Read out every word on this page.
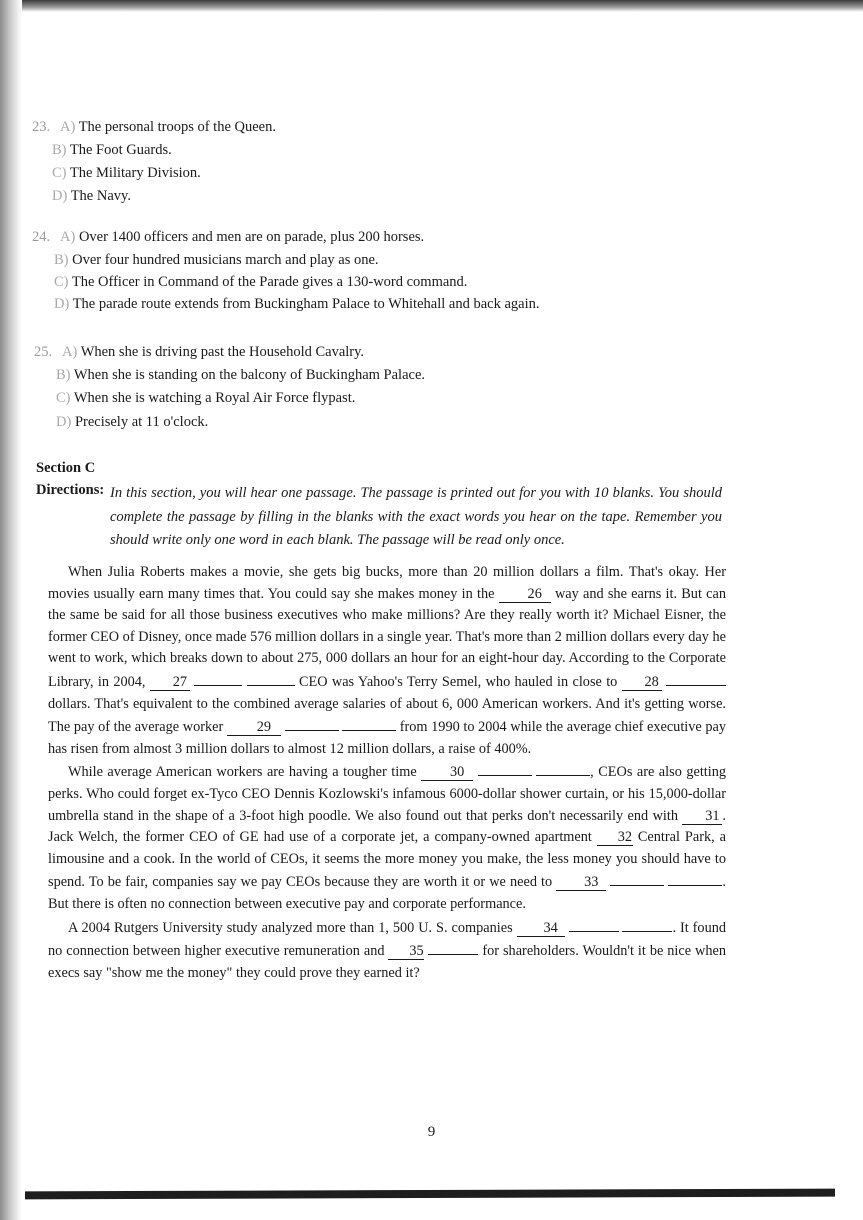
23. A) The personal troops of the Queen.
B) The Foot Guards.
C) The Military Division.
D) The Navy.
24. A) Over 1400 officers and men are on parade, plus 200 horses.
B) Over four hundred musicians march and play as one.
C) The Officer in Command of the Parade gives a 130-word command.
D) The parade route extends from Buckingham Palace to Whitehall and back again.
25. A) When she is driving past the Household Cavalry.
B) When she is standing on the balcony of Buckingham Palace.
C) When she is watching a Royal Air Force flypast.
D) Precisely at 11 o'clock.
Section C
Directions: In this section, you will hear one passage. The passage is printed out for you with 10 blanks. You should complete the passage by filling in the blanks with the exact words you hear on the tape. Remember you should write only one word in each blank. The passage will be read only once.

When Julia Roberts makes a movie, she gets big bucks, more than 20 million dollars a film. That's okay. Her movies usually earn many times that. You could say she makes money in the 26 way and she earns it. But can the same be said for all those business executives who make millions? Are they really worth it? Michael Eisner, the former CEO of Disney, once made 576 million dollars in a single year. That's more than 2 million dollars every day he went to work, which breaks down to about 275, 000 dollars an hour for an eight-hour day. According to the Corporate Library, in 2004, 27	CEO was Yahoo's Terry Semel, who hauled in close to 28  dollars. That's equivalent to the combined average salaries of about 6, 000 American workers. And it's getting worse. The pay of the average worker 29	from 1990 to 2004 while the average chief executive pay has risen from almost 3 million dollars to almost 12 million dollars, a raise of 400%.

While average American workers are having a tougher time 30	, CEOs are also getting perks. Who could forget ex-Tyco CEO Dennis Kozlowski's infamous 6000-dollar shower curtain, or his 15,000-dollar umbrella stand in the shape of a 3-foot high poodle. We also found out that perks don't necessarily end with 31 . Jack Welch, the former CEO of GE had use of a corporate jet, a company-owned apartment 32 Central Park, a limousine and a cook. In the world of CEOs, it seems the more money you make, the less money you should have to spend. To be fair, companies say we pay CEOs because they are worth it or we need to 33	. But there is often no connection between executive pay and corporate performance.

A 2004 Rutgers University study analyzed more than 1, 500 U. S. companies 34	. It found no connection between higher executive remuneration and 35	for shareholders. Wouldn't it be nice when execs say "show me the money" they could prove they earned it?

9
